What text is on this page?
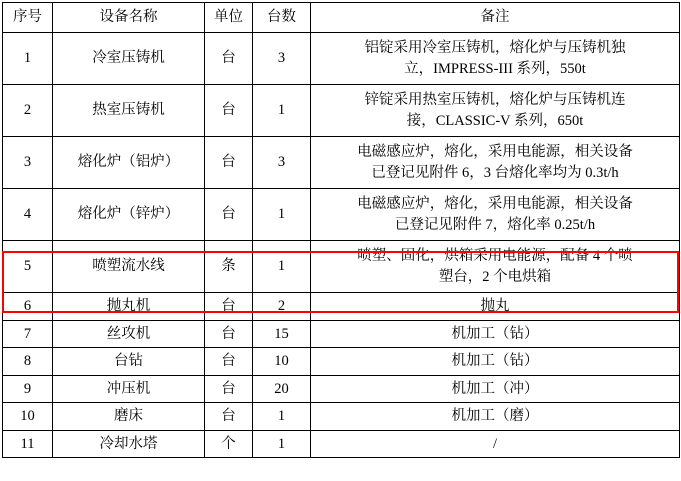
序号	设备名称	单位	台数	备注
1	冷室压铸机	台	3	铝锭采用冷室压铸机，熔化炉与压铸机独
立，IMPRESS-III 系列，550t

2	热室压铸机	台	1	锌锭采用热室压铸机，熔化炉与压铸机连
接，CLASSIC-V 系列，650t

3	熔化炉（铝炉）	台	3	电磁感应炉，熔化，采用电能源，相关设备
已登记见附件 6，3 台熔化率均为 0.3t/h

4	熔化炉（锌炉）	台	1	电磁感应炉，熔化，采用电能源，相关设备
已登记见附件 7，熔化率 0.25t/h

5	喷塑流水线	条	1	喷塑、固化，烘箱采用电能源，配备 4 个喷
塑台，2 个电烘箱

6	抛丸机	台	2	抛丸

7	丝攻机	台	15	机加工（钻）

8	台钻	台	10	机加工（钻）

9	冲压机	台	20	机加工（冲）

10	磨床	台	1	机加工（磨）

11	冷却水塔	个	1	/
